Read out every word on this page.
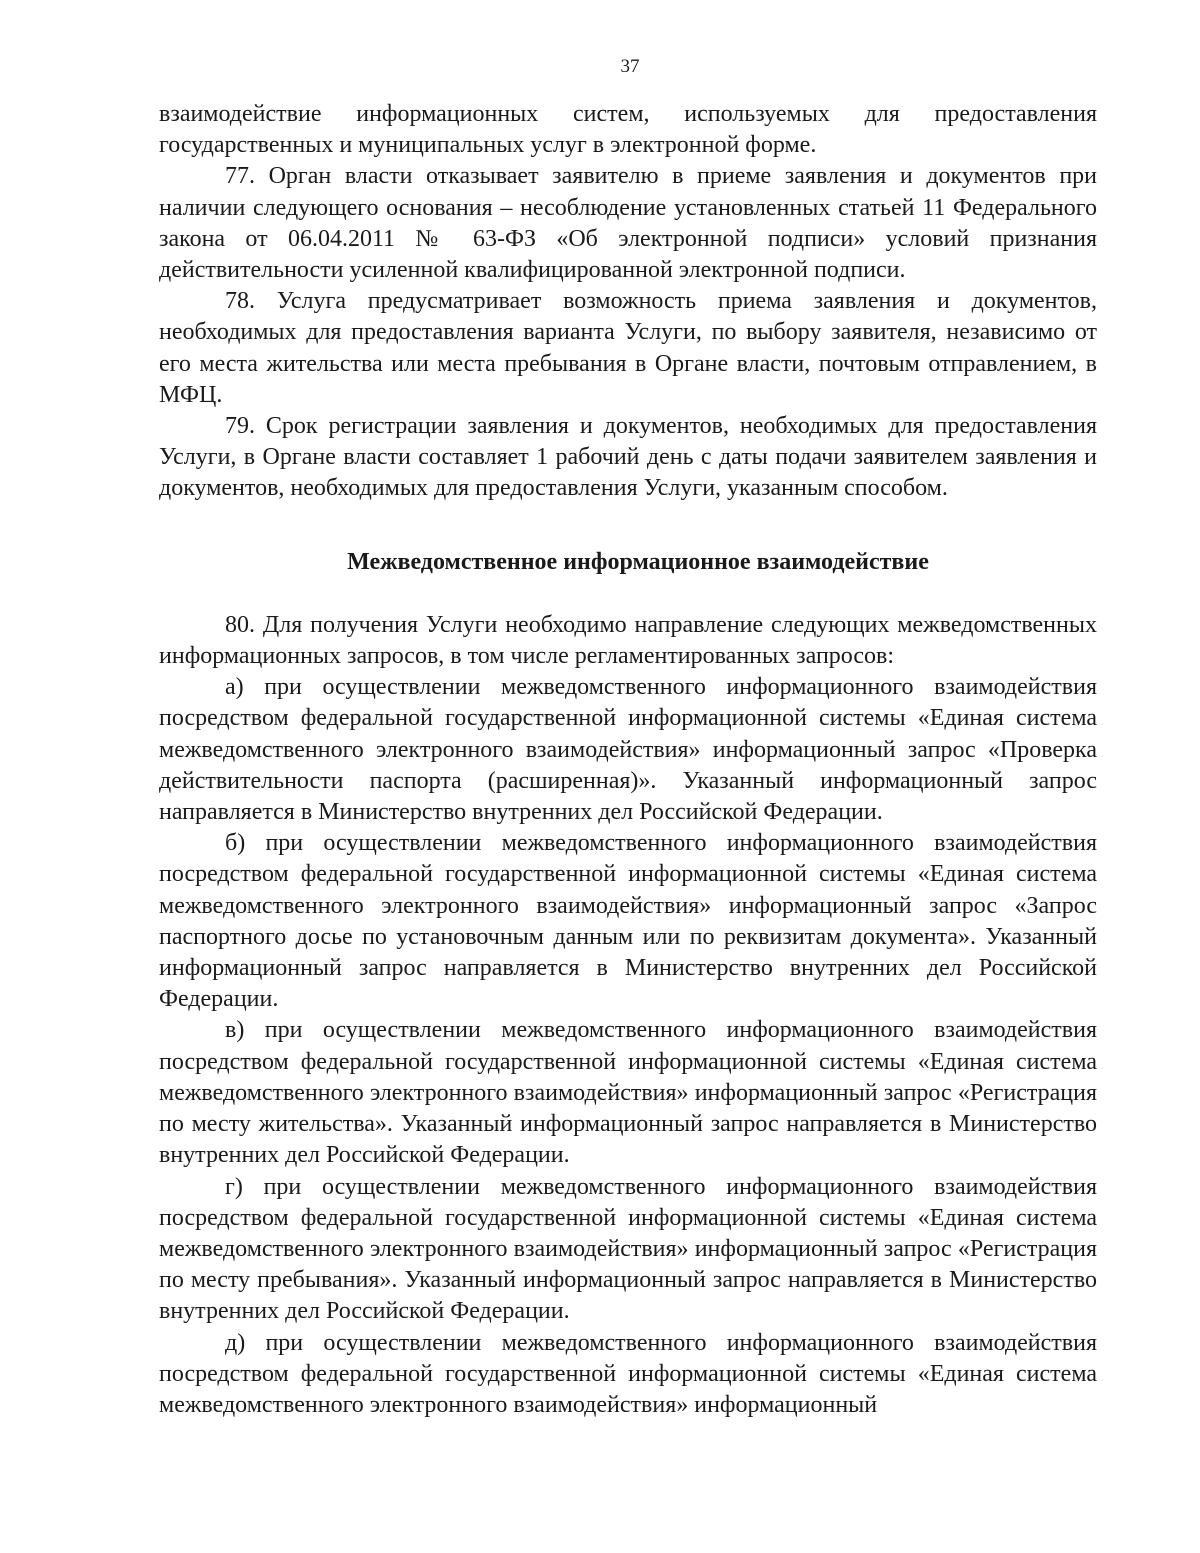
37

взаимодействие информационных систем, используемых для предоставления государственных и муниципальных услуг в электронной форме.

77. Орган власти отказывает заявителю в приеме заявления и документов при наличии следующего основания – несоблюдение установленных статьей 11 Федерального закона от 06.04.2011 № 63-ФЗ «Об электронной подписи» условий признания действительности усиленной квалифицированной электронной подписи.

78. Услуга предусматривает возможность приема заявления и документов, необходимых для предоставления варианта Услуги, по выбору заявителя, независимо от его места жительства или места пребывания в Органе власти, почтовым отправлением, в МФЦ.

79. Срок регистрации заявления и документов, необходимых для предоставления Услуги, в Органе власти составляет 1 рабочий день с даты подачи заявителем заявления и документов, необходимых для предоставления Услуги, указанным способом.

Межведомственное информационное взаимодействие

80. Для получения Услуги необходимо направление следующих межведомственных информационных запросов, в том числе регламентированных запросов:

а) при осуществлении межведомственного информационного взаимодействия посредством федеральной государственной информационной системы «Единая система межведомственного электронного взаимодействия» информационный запрос «Проверка действительности паспорта (расширенная)». Указанный информационный запрос направляется в Министерство внутренних дел Российской Федерации.

б) при осуществлении межведомственного информационного взаимодействия посредством федеральной государственной информационной системы «Единая система межведомственного электронного взаимодействия» информационный запрос «Запрос паспортного досье по установочным данным или по реквизитам документа». Указанный информационный запрос направляется в Министерство внутренних дел Российской Федерации.

в) при осуществлении межведомственного информационного взаимодействия посредством федеральной государственной информационной системы «Единая система межведомственного электронного взаимодействия» информационный запрос «Регистрация по месту жительства». Указанный информационный запрос направляется в Министерство внутренних дел Российской Федерации.

г) при осуществлении межведомственного информационного взаимодействия посредством федеральной государственной информационной системы «Единая система межведомственного электронного взаимодействия» информационный запрос «Регистрация по месту пребывания». Указанный информационный запрос направляется в Министерство внутренних дел Российской Федерации.

д) при осуществлении межведомственного информационного взаимодействия посредством федеральной государственной информационной системы «Единая система межведомственного электронного взаимодействия» информационный
